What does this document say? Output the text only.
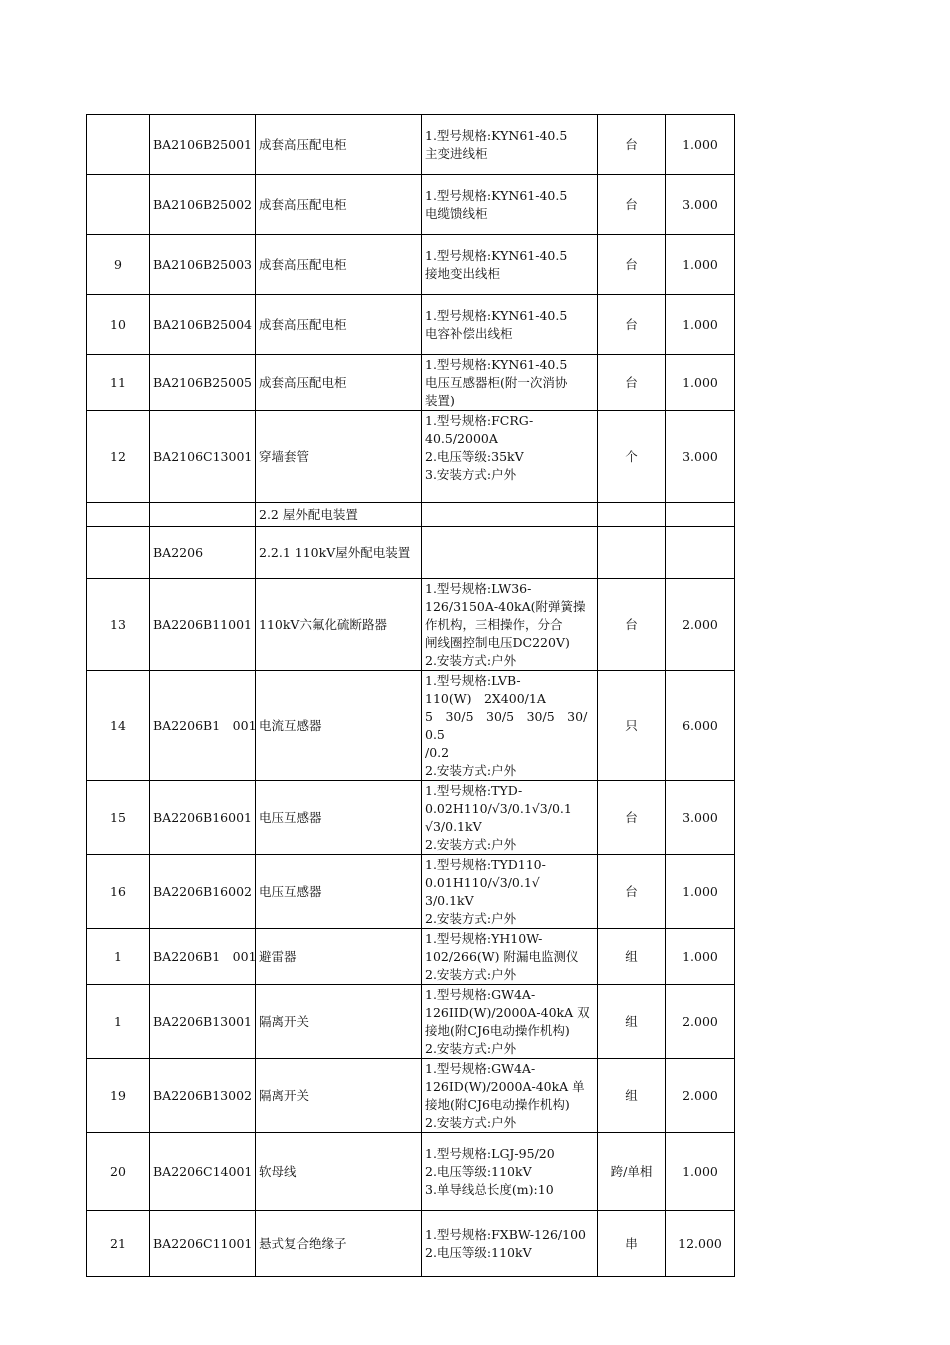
	BA2106B25001	成套高压配电柜	1.型号规格:KYN61-40.5
主变进线柜	台	1.000
	BA2106B25002	成套高压配电柜	1.型号规格:KYN61-40.5
电缆馈线柜	台	3.000
9	BA2106B25003	成套高压配电柜	1.型号规格:KYN61-40.5
接地变出线柜	台	1.000
10	BA2106B25004	成套高压配电柜	1.型号规格:KYN61-40.5
电容补偿出线柜	台	1.000
11	BA2106B25005	成套高压配电柜	1.型号规格:KYN61-40.5
电压互感器柜(附一次消协
装置)	台	1.000
12	BA2106C13001	穿墙套管	1.型号规格:FCRG-
40.5/2000A
2.电压等级:35kV
3.安装方式:户外	个	3.000
		2.2 屋外配电装置			
	BA2206	2.2.1 110kV屋外配电装置			
13	BA2206B11001	110kV六氟化硫断路器	1.型号规格:LW36-
126/3150A-40kA(附弹簧操
作机构，三相操作，分合
闸线圈控制电压DC220V)
2.安装方式:户外	台	2.000
14	BA2206B1　001	电流互感器	1.型号规格:LVB-
110(W)　2X400/1A
5　30/5　30/5　30/5　30/0.5
/0.2
2.安装方式:户外	只	6.000
15	BA2206B16001	电压互感器	1.型号规格:TYD-
0.02H110/√3/0.1√3/0.1
√3/0.1kV
2.安装方式:户外	台	3.000
16	BA2206B16002	电压互感器	1.型号规格:TYD110-
0.01H110/√3/0.1√
3/0.1kV
2.安装方式:户外	台	1.000
1	BA2206B1　001	避雷器	1.型号规格:YH10W-
102/266(W) 附漏电监测仪
2.安装方式:户外	组	1.000
1	BA2206B13001	隔离开关	1.型号规格:GW4A-
126IID(W)/2000A-40kA 双
接地(附CJ6电动操作机构)
2.安装方式:户外	组	2.000
19	BA2206B13002	隔离开关	1.型号规格:GW4A-
126ID(W)/2000A-40kA 单
接地(附CJ6电动操作机构)
2.安装方式:户外	组	2.000
20	BA2206C14001	软母线	1.型号规格:LGJ-95/20
2.电压等级:110kV
3.单导线总长度(m):10	跨/单相	1.000
21	BA2206C11001	悬式复合绝缘子	1.型号规格:FXBW-126/100
2.电压等级:110kV	串	12.000
